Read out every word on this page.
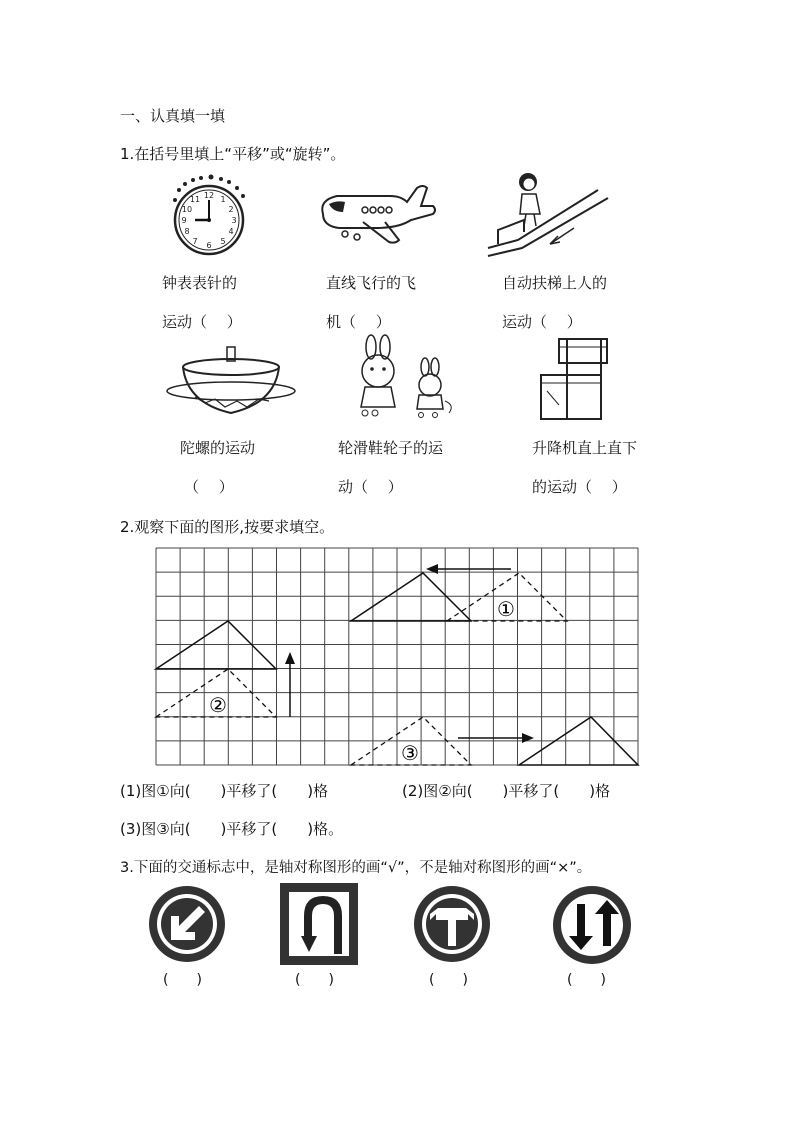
一、认真填一填
1.在括号里填上“平移”或“旋转”。
12 1
2
3
4
5
6
7
8
9
10
11
钟表表针的
运动（　 ）
直线飞行的飞
机（　 ）
自动扶梯上人的
运动（　 ）
陀螺的运动
（　 ）
轮滑鞋轮子的运
动（　 ）
升降机直上直下
的运动（　 ）
2.观察下面的图形,按要求填空。
①
②
③
(1)图①向(　　)平移了(　　)格	(2)图②向(　　)平移了(　　)格
(3)图③向(　　)平移了(　　)格。
3.下面的交通标志中，是轴对称图形的画“√”，不是轴对称图形的画“×”。
(　　)	(　　)	(　　)	(　　)
